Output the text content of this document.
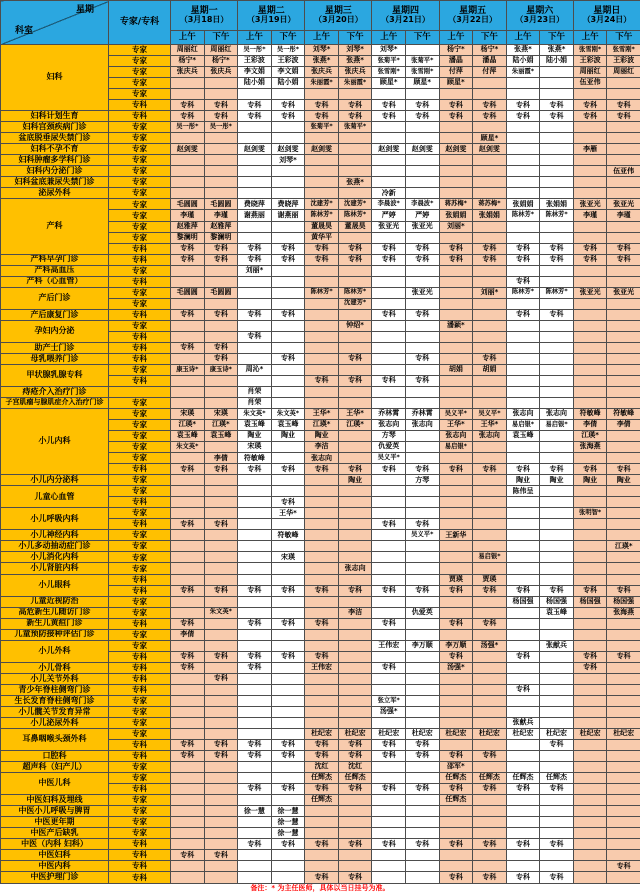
星期
科室
	专家/专科	
星期一
（3月18日）

星期二
（3月19日）

星期三
（3月20日）

星期四
（3月21日）

星期五
（3月22日）

星期六
（3月23日）

星期日
（3月24日）

		上午	下午	上午	下午	上午	下午	上午	下午	上午	下午	上午	下午	上午	下午
妇科	专家	周丽红	周丽红	吴一彤*	吴一彤*	刘琴*	刘琴*	刘琴*		杨宁*	杨宁*	张燕*	张燕*	张雪刚*	张雪刚*
	专家	杨宁*	杨宁*	王彩波	王彩波	张燕*	张燕*	张菊平*	张菊平*	潘晶	潘晶	陆小娟	陆小娟	王彩波	王彩波
	专家	张庆兵	张庆兵	李文娟	李文娟	张庆兵	张庆兵	张雪刚*	张雪刚*	付萍	付萍	朱丽霞*		周丽红	周丽红
	专家			陆小娟	陆小娟	朱丽霞*	朱丽霞*	顾星*	顾星*	顾星*				伍亚伟	
	专家														
	专科	专科	专科	专科	专科	专科	专科	专科	专科	专科	专科	专科	专科	专科	专科
妇科计划生育	专科	专科	专科	专科	专科	专科	专科	专科	专科	专科	专科	专科	专科	专科	专科
妇科宫颈疾病门诊	专家	吴一彤*	吴一彤*			张菊平*	张菊平*								
盆底脱垂尿失禁门诊	专家										顾星*				
妇科不孕不育	专家	赵剑雯		赵剑雯	赵剑雯	赵剑雯		赵剑雯	赵剑雯	赵剑雯	赵剑雯			李雁	
妇科肿瘤多学科门诊	专家				刘琴*										
妇科内分泌门诊	专家														伍亚伟
妇科盆底兼尿失禁门诊	专家						张燕*								
泌尿外科	专家							冷新							
产科	专家	毛圆圆	毛圆圆	费晓萍	费晓萍	沈建芳*	沈建芳*	李晨波*	李晨波*	蒋苏梅*	蒋苏梅*	张娟娟	张娟娟	张亚光	张亚光
	专家	李瑾	李瑾	谢燕丽	谢燕丽	陈林芳*	陈林芳*	严婷	严婷	张娟娟	张娟娟	陈林芳*	陈林芳*	李瑾	李瑾
	专家	赵雅萍	赵雅萍			董晟昊	董晟昊	张亚光	张亚光	刘丽*					
	专家	黎澜明	黎澜明			黄华平									
	专科	专科	专科	专科	专科	专科	专科	专科	专科	专科	专科	专科	专科	专科	专科
产科早孕门诊	专科	专科	专科	专科	专科	专科	专科	专科	专科	专科	专科	专科	专科	专科	专科
产科高血压	专家			刘丽*											
产科（心血管）	专科											专科			
产后门诊	专家	毛圆圆	毛圆圆			陈林芳*	陈林芳*		张亚光		刘丽*	陈林芳*	陈林芳*	张亚光	张亚光
	专家						沈建芳*								
产后康复门诊	专科	专科	专科	专科	专科			专科	专科			专科	专科		
孕妇内分泌	专家						钟绍*			潘颖*					
	专科			专科											
助产士门诊	专科	专科	专科												
母乳喂养门诊	专科		专科		专科		专科		专科		专科				
甲状腺乳腺专科	专家	康玉诗*	康玉诗*	周沁*						胡娟	胡娟				
	专科					专科	专科	专科	专科						
痔疮介入治疗门诊				肖荣											
子宫肌瘤与腺肌症介入治疗门诊	专家			肖荣											
小儿内科	专家	宋瑛	宋瑛	朱文英*	朱文英*	王华*	王华*	乔林霄	乔林霄	吴义平*	吴义平*	张志向	张志向	符敏峰	符敏峰
	专家	江瑛*	江瑛*	袁玉峰	袁玉峰	江瑛*	江瑛*	张志向	张志向	王华*	王华*	易启银*	易启银*	李倩	李倩
	专家	袁玉峰	袁玉峰	陶业	陶业	陶业		方琴		张志向	张志向	袁玉峰		江瑛*	
	专家	朱文英*		宋瑛		李洁		仇爱英		易启银*				张海燕	
	专家		李倩	符敏峰		张志向		吴义平*							
	专科	专科	专科	专科	专科	专科	专科	专科	专科	专科	专科	专科	专科	专科	专科
小儿内分泌科	专家						陶业		方琴			陶业	陶业	陶业	陶业
儿童心血管	专家											陈伟呈			
	专科				专科										
小儿呼吸内科	专家				王华*									张明智*	
	专科	专科	专科					专科	专科						
小儿神经内科	专家				符敏峰				吴义平*	王新华					
小儿多动抽动症门诊	专家														江瑛*
小儿消化内科	专家				宋瑛						易启银*				
小儿肾脏内科	专家						张志向								
小儿眼科	专科									贾瑛	贾瑛				
	专科	专科	专科	专科	专科	专科	专科	专科	专科	专科	专科	专科	专科	专科	专科
儿童近视防治	专家											杨国强	杨国强	杨国强	杨国强
高危新生儿随访门诊	专家		朱文英*				李洁		仇爱英				袁玉峰		张海燕
新生儿黄疸门诊	专科	专科		专科	专科	专科		专科		专科	专科				
儿童预防接种评估门诊	专家	李倩													
小儿外科	专家							王伟宏	李万顺	李万顺	汤强*		张献兵		
	专科	专科	专科	专科	专科	专科				专科		专科		专科	专科
小儿骨科	专科	专科		专科		王伟宏		专科		汤强*				专科	
小儿关节外科	专科		专科												
青少年脊柱侧弯门诊	专科											专科			
生长发育脊柱侧弯门诊	专家							张立军*							
小儿髋关节发育异常	专家							汤强*							
小儿泌尿外科	专家											张献兵			
耳鼻咽喉头颈外科	专家					杜纪宏	杜纪宏	杜纪宏	杜纪宏	杜纪宏	杜纪宏	杜纪宏	杜纪宏	杜纪宏	杜纪宏
	专科	专科	专科	专科	专科	专科	专科	专科	专科				专科		
口腔科	专科	专科	专科	专科	专科	专科	专科	专科	专科	专科	专科				
超声科（妇产儿）	专家					沈红	沈红			邵军*					
中医儿科	专家					任辉杰	任辉杰			任辉杰	任辉杰	任辉杰	任辉杰		
	专科			专科	专科	专科	专科	专科	专科	专科	专科	专科	专科		
中医妇科及埋线	专家					任辉杰				任辉杰					
中医小儿呼吸与脾胃	专家			徐一慧	徐一慧										
中医更年期	专家				徐一慧										
中医产后缺乳	专家				徐一慧										
中医（内科 妇科）	专科			专科	专科	专科	专科	专科	专科	专科	专科	专科	专科		
中医妇科	专科	专科	专科												
中医内科	专科														专科
中医护理门诊	专科					专科	专科			专科	专科	专科	专科		
备注：* 为主任医师，具体以当日挂号为准。
